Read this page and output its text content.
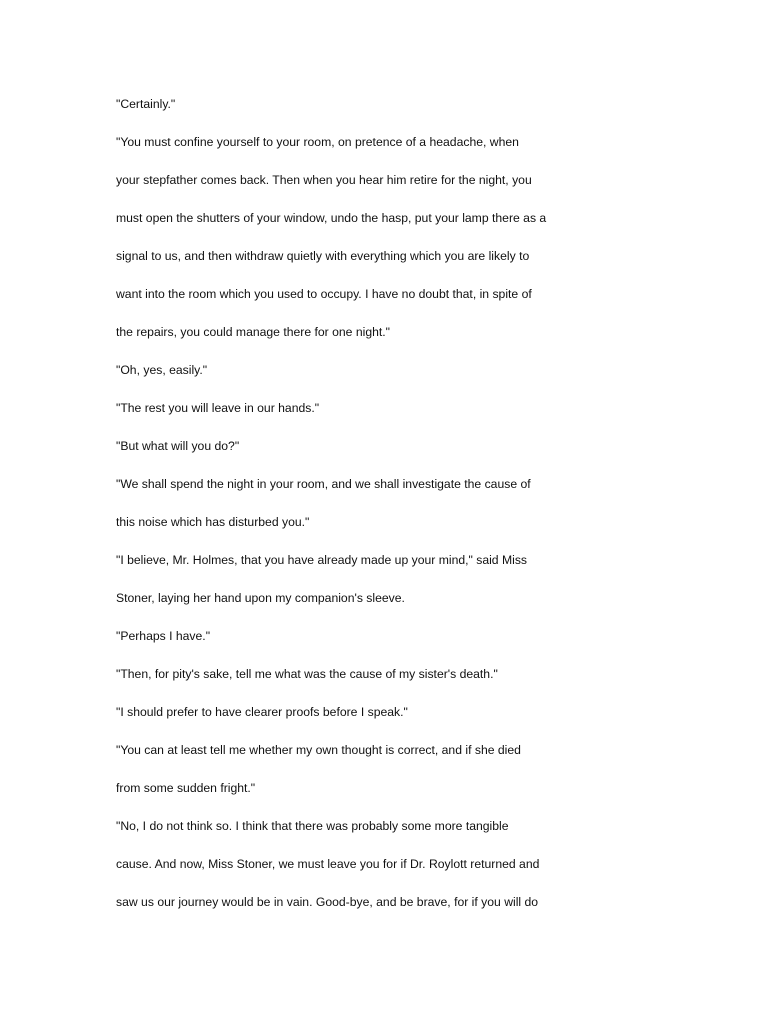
"Certainly."
"You must confine yourself to your room, on pretence of a headache, when
your stepfather comes back. Then when you hear him retire for the night, you
must open the shutters of your window, undo the hasp, put your lamp there as a
signal to us, and then withdraw quietly with everything which you are likely to
want into the room which you used to occupy. I have no doubt that, in spite of
the repairs, you could manage there for one night."
"Oh, yes, easily."
"The rest you will leave in our hands."
"But what will you do?"
"We shall spend the night in your room, and we shall investigate the cause of
this noise which has disturbed you."
"I believe, Mr. Holmes, that you have already made up your mind," said Miss
Stoner, laying her hand upon my companion's sleeve.
"Perhaps I have."
"Then, for pity's sake, tell me what was the cause of my sister's death."
"I should prefer to have clearer proofs before I speak."
"You can at least tell me whether my own thought is correct, and if she died
from some sudden fright."
"No, I do not think so. I think that there was probably some more tangible
cause. And now, Miss Stoner, we must leave you for if Dr. Roylott returned and
saw us our journey would be in vain. Good-bye, and be brave, for if you will do
